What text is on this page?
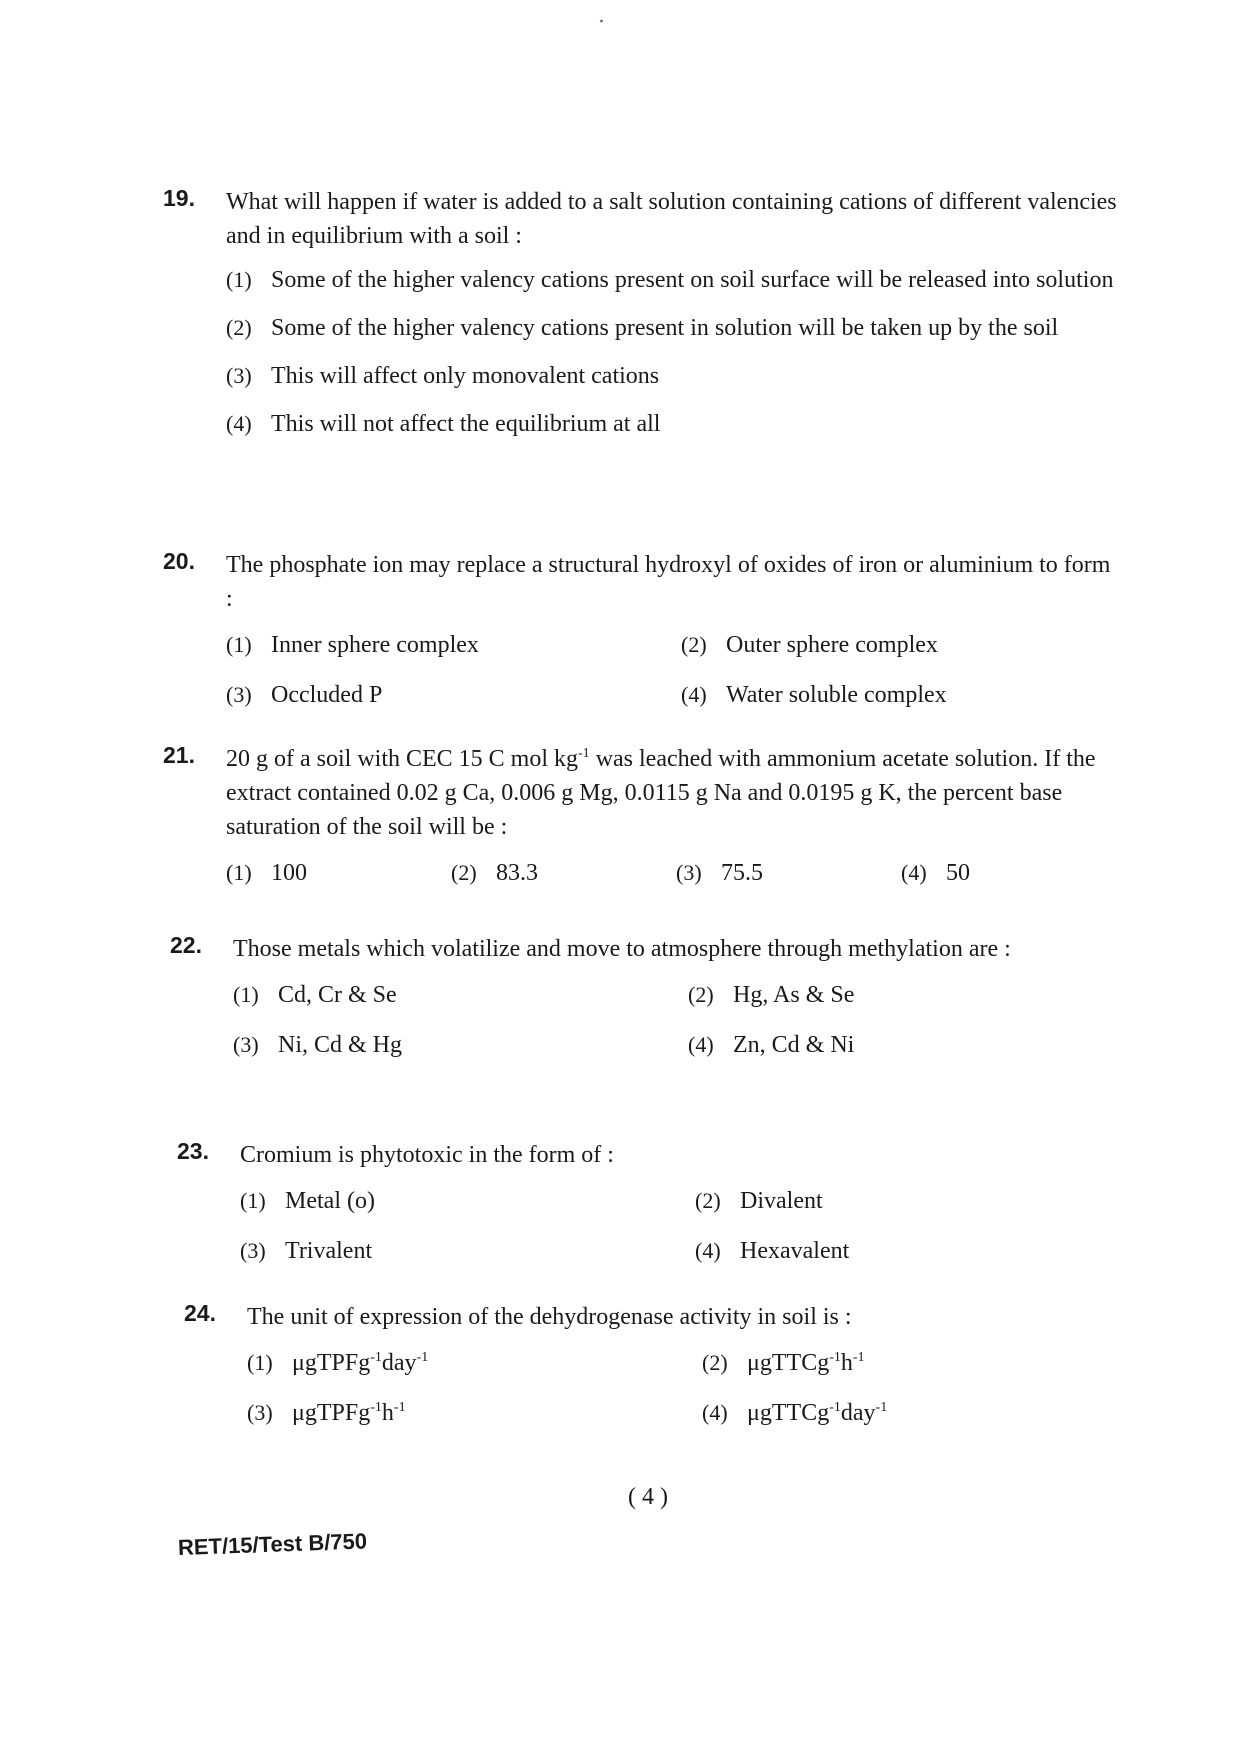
19. What will happen if water is added to a salt solution containing cations of different valencies and in equilibrium with a soil :
(1) Some of the higher valency cations present on soil surface will be released into solution
(2) Some of the higher valency cations present in solution will be taken up by the soil
(3) This will affect only monovalent cations
(4) This will not affect the equilibrium at all
20. The phosphate ion may replace a structural hydroxyl of oxides of iron or aluminium to form :
(1) Inner sphere complex	(2) Outer sphere complex
(3) Occluded P	(4) Water soluble complex
21. 20 g of a soil with CEC 15 C mol $kg^{-1}$ was leached with ammonium acetate solution. If the extract contained 0.02 g Ca, 0.006 g Mg, 0.0115 g Na and 0.0195 g K, the percent base saturation of the soil will be :
(1) 100	(2) 83.3	(3) 75.5	(4) 50
22. Those metals which volatilize and move to atmosphere through methylation are :
(1) Cd, Cr & Se	(2) Hg, As & Se
(3) Ni, Cd & Hg	(4) Zn, Cd & Ni
23. Cromium is phytotoxic in the form of :
(1) Metal (o)	(2) Divalent
(3) Trivalent	(4) Hexavalent
24. The unit of expression of the dehydrogenase activity in soil is :
(1) μgTPFg$^{-1}$day$^{-1}$	(2) $\mu gTTCg^{-1}h^{-1}$
(3) $\mu gTPFg^{-1}h^{-1}$	(4) μgTTCg$^{-1}$day$^{-1}$
( 4 )
RET/15/Test B/750
